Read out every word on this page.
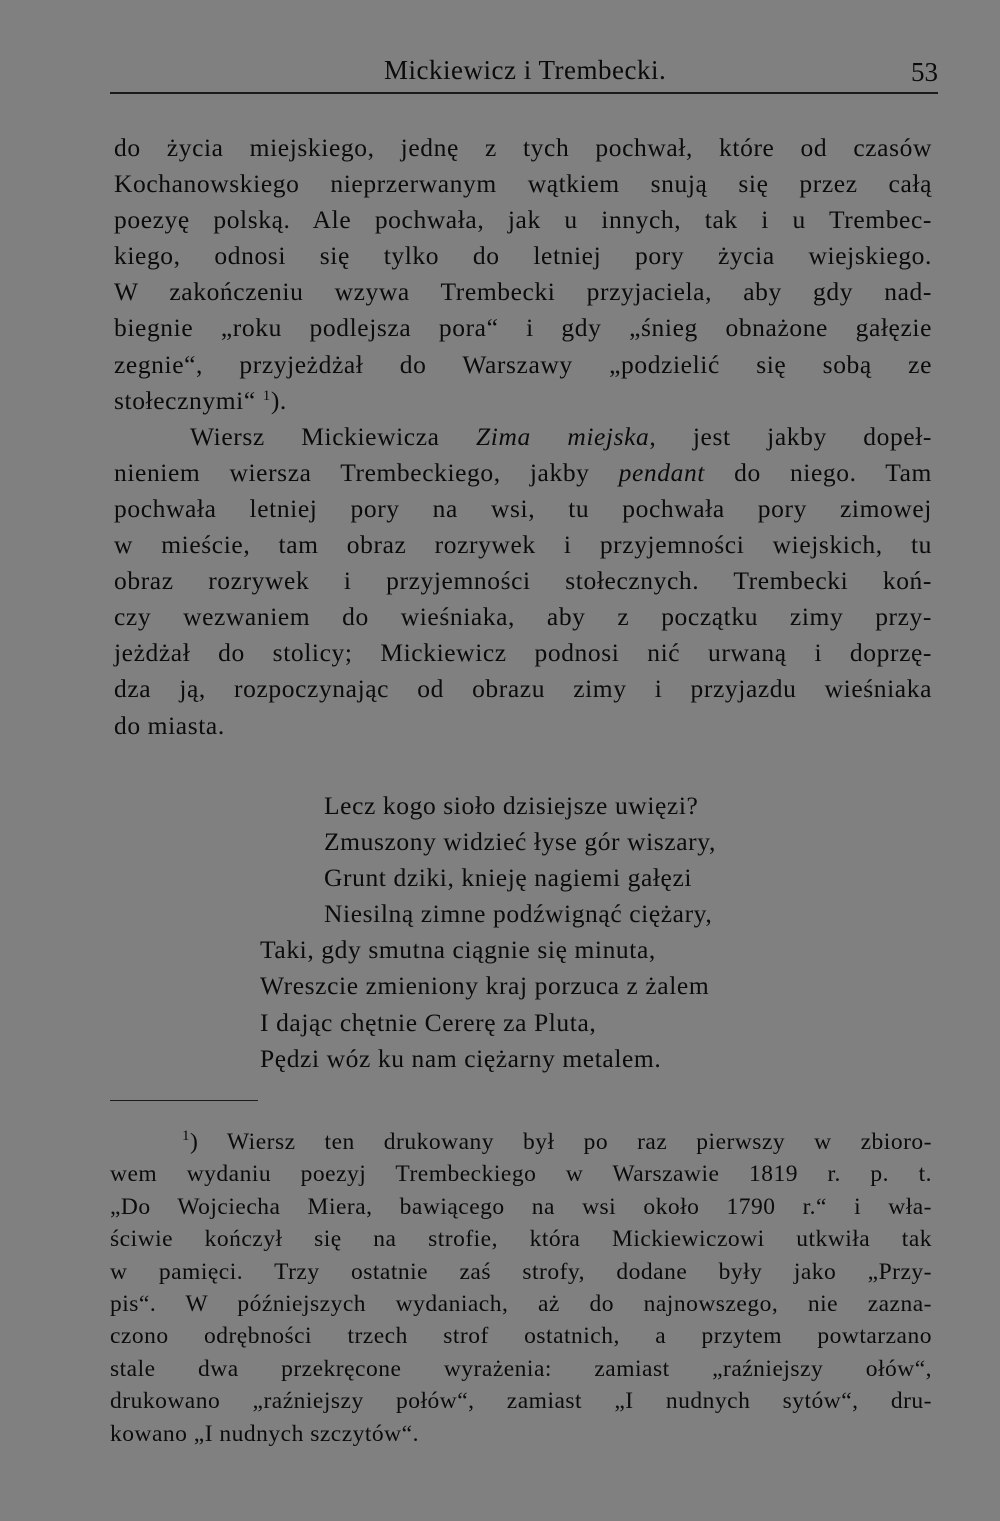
Mickiewicz i Trembecki.	53
do życia miejskiego, jednę z tych pochwał, które od czasów
Kochanowskiego nieprzerwanym wątkiem snują się przez całą
poezyę polską. Ale pochwała, jak u innych, tak i u Trembec-
kiego, odnosi się tylko do letniej pory życia wiejskiego.
W zakończeniu wzywa Trembecki przyjaciela, aby gdy nad-
biegnie „roku podlejsza pora“ i gdy „śnieg obnażone gałęzie
zegnie“, przyjeżdżał do Warszawy „podzielić się sobą ze
stołecznymi“ $^1$).
Wiersz Mickiewicza Zima miejska, jest jakby dopeł-
nieniem wiersza Trembeckiego, jakby pendant do niego. Tam
pochwała letniej pory na wsi, tu pochwała pory zimowej
w mieście, tam obraz rozrywek i przyjemności wiejskich, tu
obraz rozrywek i przyjemności stołecznych. Trembecki koń-
czy wezwaniem do wieśniaka, aby z początku zimy przy-
jeżdżał do stolicy; Mickiewicz podnosi nić urwaną i doprzę-
dza ją, rozpoczynając od obrazu zimy i przyjazdu wieśniaka
do miasta.
Lecz kogo sioło dzisiejsze uwięzi?
Zmuszony widzieć łyse gór wiszary,
Grunt dziki, knieję nagiemi gałęzi
Niesilną zimne podźwignąć ciężary,
Taki, gdy smutna ciągnie się minuta,
Wreszcie zmieniony kraj porzuca z żalem
I dając chętnie Cererę za Pluta,
Pędzi wóz ku nam ciężarny metalem.
$^1$) Wiersz ten drukowany był po raz pierwszy w zbioro-
wem wydaniu poezyj Trembeckiego w Warszawie 1819 r. p. t.
„Do Wojciecha Miera, bawiącego na wsi około 1790 r.“ i wła-
ściwie kończył się na strofie, która Mickiewiczowi utkwiła tak
w pamięci. Trzy ostatnie zaś strofy, dodane były jako „Przy-
pis“. W późniejszych wydaniach, aż do najnowszego, nie zazna-
czono odrębności trzech strof ostatnich, a przytem powtarzano
stale dwa przekręcone wyrażenia: zamiast „raźniejszy ołów“,
drukowano „raźniejszy połów“, zamiast „I nudnych sytów“, dru-
kowano „I nudnych szczytów“.
